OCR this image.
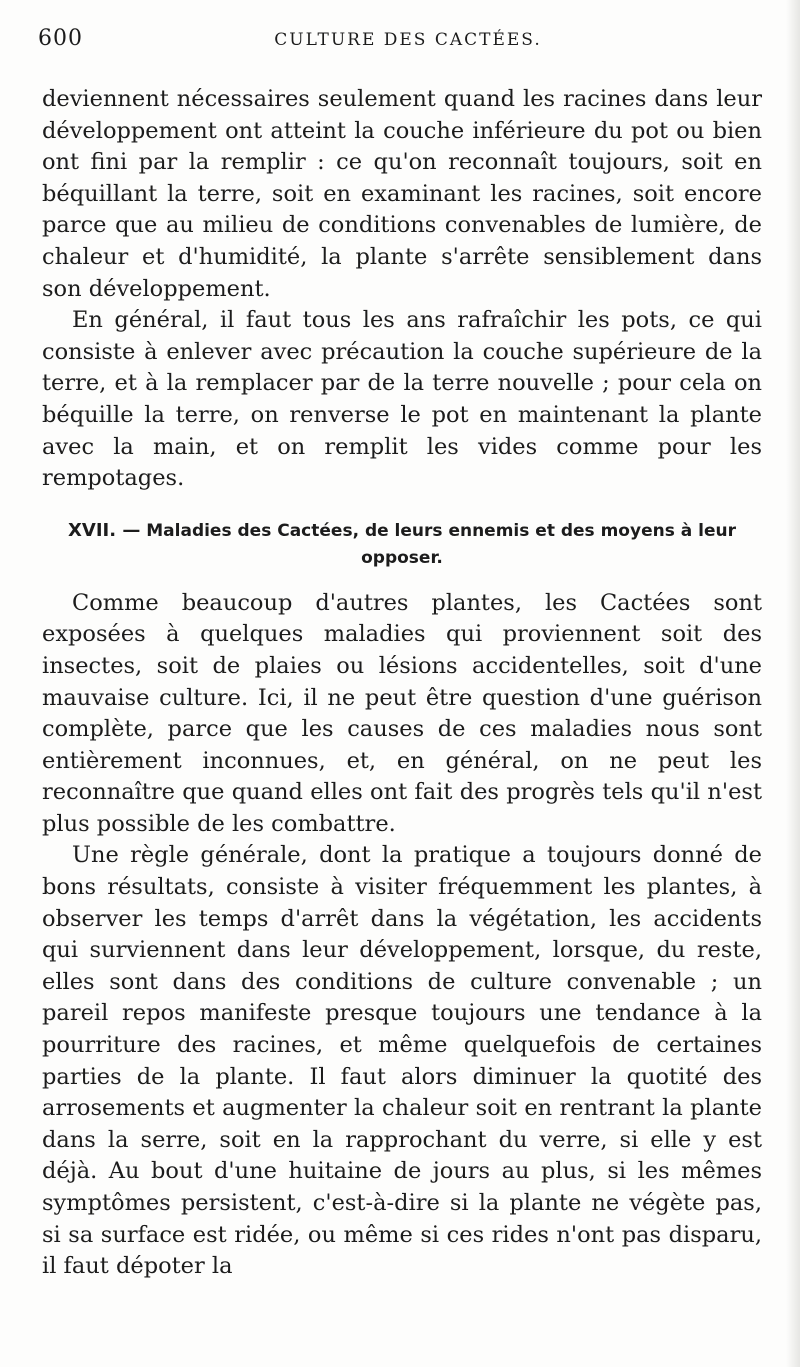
600	CULTURE DES CACTÉES.

deviennent nécessaires seulement quand les racines dans leur développement ont atteint la couche inférieure du pot ou bien ont fini par la remplir : ce qu'on reconnaît toujours, soit en béquillant la terre, soit en examinant les racines, soit encore parce que au milieu de conditions convenables de lumière, de chaleur et d'humidité, la plante s'arrête sensiblement dans son développement.

En général, il faut tous les ans rafraîchir les pots, ce qui consiste à enlever avec précaution la couche supérieure de la terre, et à la remplacer par de la terre nouvelle ; pour cela on béquille la terre, on renverse le pot en maintenant la plante avec la main, et on remplit les vides comme pour les rempotages.

XVII. — Maladies des Cactées, de leurs ennemis et des moyens à leur opposer.

Comme beaucoup d'autres plantes, les Cactées sont exposées à quelques maladies qui proviennent soit des insectes, soit de plaies ou lésions accidentelles, soit d'une mauvaise culture. Ici, il ne peut être question d'une guérison complète, parce que les causes de ces maladies nous sont entièrement inconnues, et, en général, on ne peut les reconnaître que quand elles ont fait des progrès tels qu'il n'est plus possible de les combattre.

Une règle générale, dont la pratique a toujours donné de bons résultats, consiste à visiter fréquemment les plantes, à observer les temps d'arrêt dans la végétation, les accidents qui surviennent dans leur développement, lorsque, du reste, elles sont dans des conditions de culture convenable ; un pareil repos manifeste presque toujours une tendance à la pourriture des racines, et même quelquefois de certaines parties de la plante. Il faut alors diminuer la quotité des arrosements et augmenter la chaleur soit en rentrant la plante dans la serre, soit en la rapprochant du verre, si elle y est déjà. Au bout d'une huitaine de jours au plus, si les mêmes symptômes persistent, c'est-à-dire si la plante ne végète pas, si sa surface est ridée, ou même si ces rides n'ont pas disparu, il faut dépoter la
